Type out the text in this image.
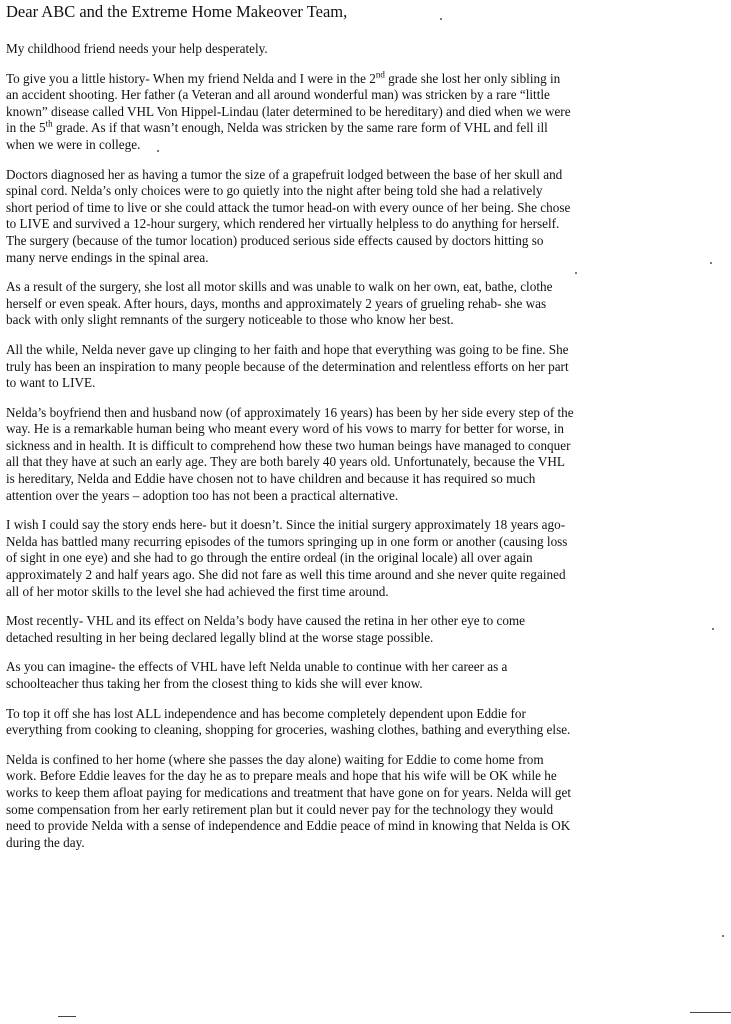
Dear ABC and the Extreme Home Makeover Team,

My childhood friend needs your help desperately.

To give you a little history- When my friend Nelda and I were in the 2nd grade she lost her only sibling in
an accident shooting. Her father (a Veteran and all around wonderful man) was stricken by a rare “little
known” disease called VHL Von Hippel-Lindau (later determined to be hereditary) and died when we were
in the 5th grade. As if that wasn’t enough, Nelda was stricken by the same rare form of VHL and fell ill
when we were in college.

Doctors diagnosed her as having a tumor the size of a grapefruit lodged between the base of her skull and
spinal cord. Nelda’s only choices were to go quietly into the night after being told she had a relatively
short period of time to live or she could attack the tumor head-on with every ounce of her being. She chose
to LIVE and survived a 12-hour surgery, which rendered her virtually helpless to do anything for herself.
The surgery (because of the tumor location) produced serious side effects caused by doctors hitting so
many nerve endings in the spinal area.

As a result of the surgery, she lost all motor skills and was unable to walk on her own, eat, bathe, clothe
herself or even speak. After hours, days, months and approximately 2 years of grueling rehab- she was
back with only slight remnants of the surgery noticeable to those who know her best.

All the while, Nelda never gave up clinging to her faith and hope that everything was going to be fine. She
truly has been an inspiration to many people because of the determination and relentless efforts on her part
to want to LIVE.

Nelda’s boyfriend then and husband now (of approximately 16 years) has been by her side every step of the
way. He is a remarkable human being who meant every word of his vows to marry for better for worse, in
sickness and in health. It is difficult to comprehend how these two human beings have managed to conquer
all that they have at such an early age. They are both barely 40 years old. Unfortunately, because the VHL
is hereditary, Nelda and Eddie have chosen not to have children and because it has required so much
attention over the years – adoption too has not been a practical alternative.

I wish I could say the story ends here- but it doesn’t. Since the initial surgery approximately 18 years ago-
Nelda has battled many recurring episodes of the tumors springing up in one form or another (causing loss
of sight in one eye) and she had to go through the entire ordeal (in the original locale) all over again
approximately 2 and half years ago. She did not fare as well this time around and she never quite regained
all of her motor skills to the level she had achieved the first time around.

Most recently- VHL and its effect on Nelda’s body have caused the retina in her other eye to come
detached resulting in her being declared legally blind at the worse stage possible.

As you can imagine- the effects of VHL have left Nelda unable to continue with her career as a
schoolteacher thus taking her from the closest thing to kids she will ever know.

To top it off she has lost ALL independence and has become completely dependent upon Eddie for
everything from cooking to cleaning, shopping for groceries, washing clothes, bathing and everything else.

Nelda is confined to her home (where she passes the day alone) waiting for Eddie to come home from
work. Before Eddie leaves for the day he as to prepare meals and hope that his wife will be OK while he
works to keep them afloat paying for medications and treatment that have gone on for years. Nelda will get
some compensation from her early retirement plan but it could never pay for the technology they would
need to provide Nelda with a sense of independence and Eddie peace of mind in knowing that Nelda is OK
during the day.
